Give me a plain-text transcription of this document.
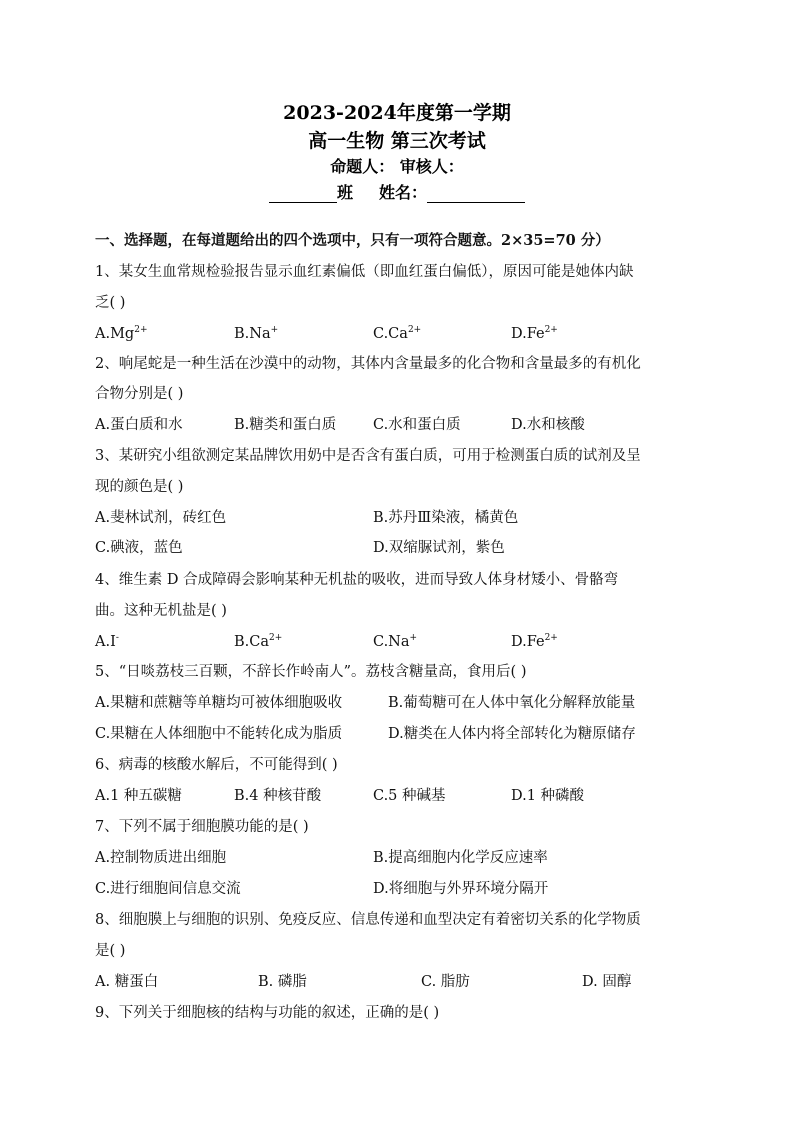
2023-2024年度第一学期
高一生物 第三次考试
命题人： 审核人：
班 姓名：
一、选择题，在每道题给出的四个选项中，只有一项符合题意。2×35=70 分）
1、某女生血常规检验报告显示血红素偏低（即血红蛋白偏低），原因可能是她体内缺
乏( )
$A.Mg^{2+}$	B.Na+	$C.Ca^{2+}$	$D.Fe^{2+}$
2、响尾蛇是一种生活在沙漠中的动物，其体内含量最多的化合物和含量最多的有机化
合物分别是( )
A.蛋白质和水	B.糖类和蛋白质	C.水和蛋白质	D.水和核酸
3、某研究小组欲测定某品牌饮用奶中是否含有蛋白质，可用于检测蛋白质的试剂及呈
现的颜色是( )
A.斐林试剂，砖红色	B.苏丹Ⅲ染液，橘黄色
C.碘液，蓝色	D.双缩脲试剂，紫色
4、维生素 D 合成障碍会影响某种无机盐的吸收，进而导致人体身材矮小、骨骼弯
曲。这种无机盐是( )
A.I-	$B.Ca^{2+}$	C.Na+	$D.Fe^{2+}$
5、“日啖荔枝三百颗，不辞长作岭南人”。荔枝含糖量高，食用后( )
A.果糖和蔗糖等单糖均可被体细胞吸收	B.葡萄糖可在人体中氧化分解释放能量
C.果糖在人体细胞中不能转化成为脂质	D.糖类在人体内将全部转化为糖原储存
6、病毒的核酸水解后，不可能得到( )
A.1 种五碳糖	B.4 种核苷酸	C.5 种碱基	D.1 种磷酸
7、下列不属于细胞膜功能的是( )
A.控制物质进出细胞	B.提高细胞内化学反应速率
C.进行细胞间信息交流	D.将细胞与外界环境分隔开
8、细胞膜上与细胞的识别、免疫反应、信息传递和血型决定有着密切关系的化学物质
是( )
A. 糖蛋白	B. 磷脂	C. 脂肪	D. 固醇
9、下列关于细胞核的结构与功能的叙述，正确的是( )
